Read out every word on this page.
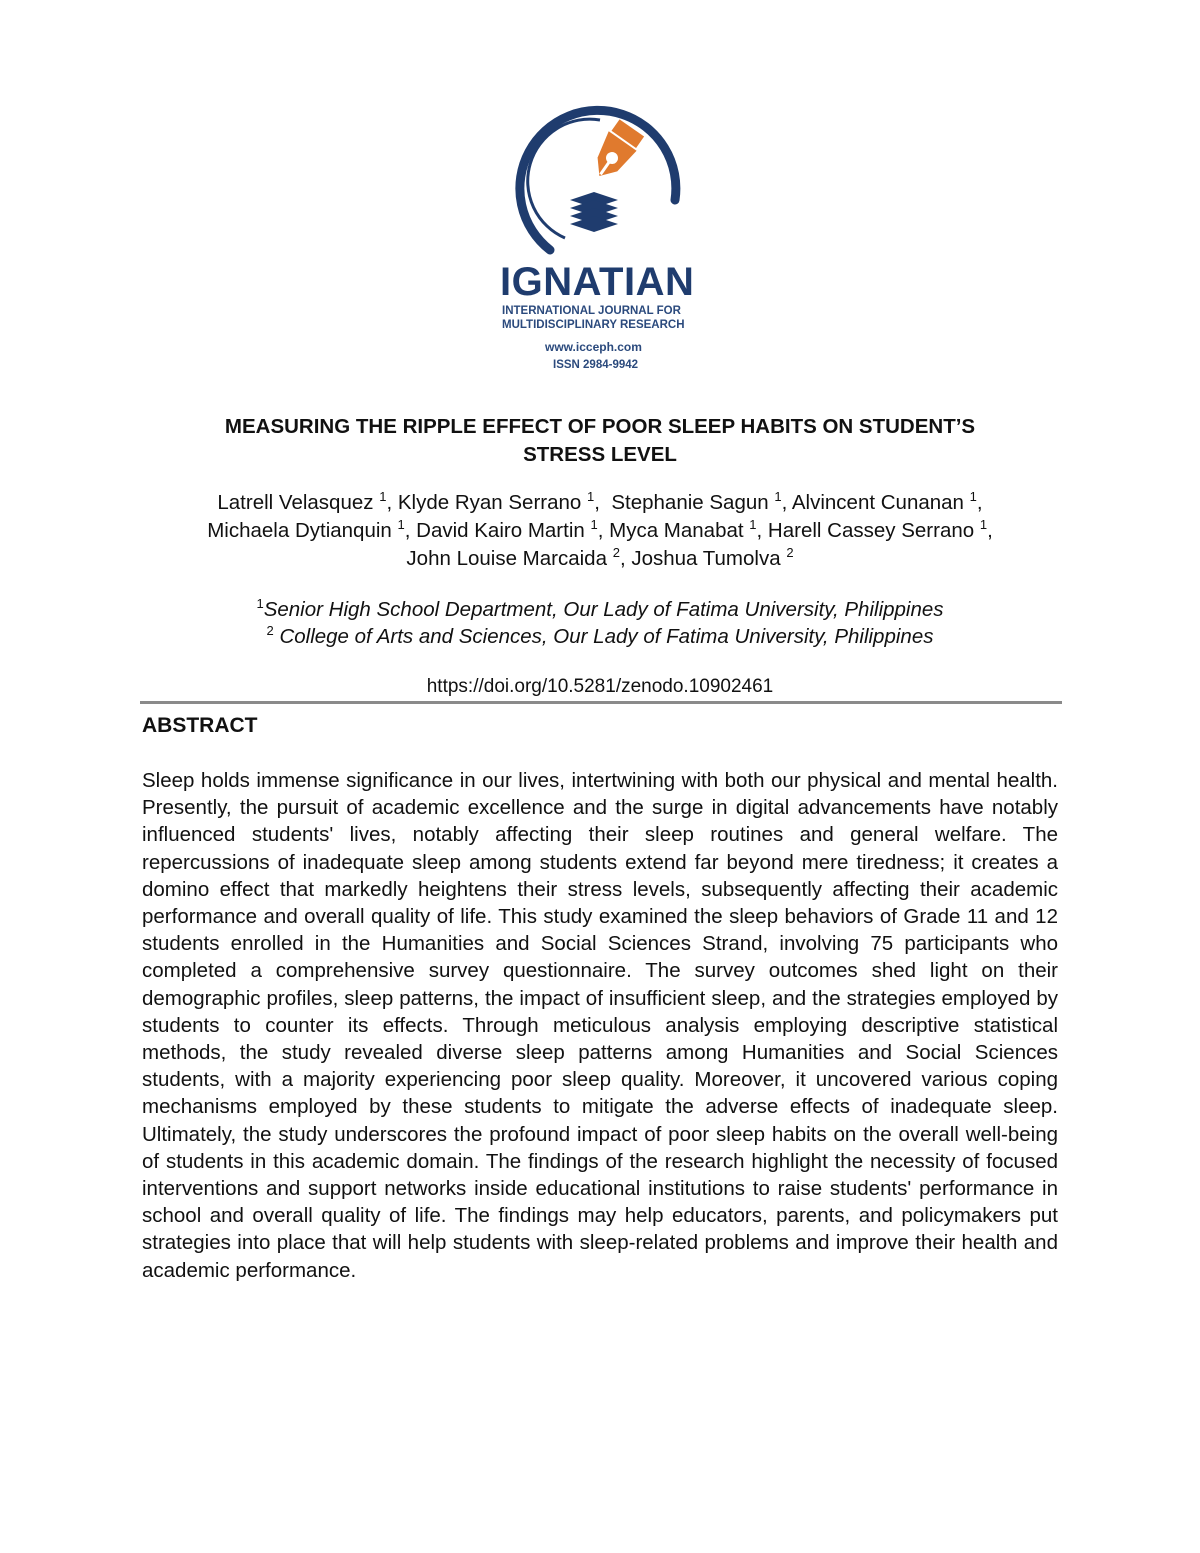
IGNATIAN
INTERNATIONAL JOURNAL FOR
MULTIDISCIPLINARY RESEARCH
www.icceph.com
ISSN 2984-9942
MEASURING THE RIPPLE EFFECT OF POOR SLEEP HABITS ON STUDENT’S
STRESS LEVEL
Latrell Velasquez $^1$, Klyde Ryan Serrano $^1$,  Stephanie Sagun $^1$, Alvincent Cunanan $^1$,
Michaela Dytianquin $^1$, David Kairo Martin $^1$, Myca Manabat $^1$, Harell Cassey Serrano $^1$,
John Louise Marcaida $^2$, Joshua Tumolva $^2$
$^1$Senior High School Department, Our Lady of Fatima University, Philippines
$^2$ College of Arts and Sciences, Our Lady of Fatima University, Philippines
https://doi.org/10.5281/zenodo.10902461
ABSTRACT
Sleep holds immense significance in our lives, intertwining with both our physical and mental health. Presently, the pursuit of academic excellence and the surge in digital advancements have notably influenced students' lives, notably affecting their sleep routines and general welfare. The repercussions of inadequate sleep among students extend far beyond mere tiredness; it creates a domino effect that markedly heightens their stress levels, subsequently affecting their academic performance and overall quality of life. This study examined the sleep behaviors of Grade 11 and 12 students enrolled in the Humanities and Social Sciences Strand, involving 75 participants who completed a comprehensive survey questionnaire. The survey outcomes shed light on their demographic profiles, sleep patterns, the impact of insufficient sleep, and the strategies employed by students to counter its effects. Through meticulous analysis employing descriptive statistical methods, the study revealed diverse sleep patterns among Humanities and Social Sciences students, with a majority experiencing poor sleep quality. Moreover, it uncovered various coping mechanisms employed by these students to mitigate the adverse effects of inadequate sleep. Ultimately, the study underscores the profound impact of poor sleep habits on the overall well-being of students in this academic domain. The findings of the research highlight the necessity of focused interventions and support networks inside educational institutions to raise students' performance in school and overall quality of life. The findings may help educators, parents, and policymakers put strategies into place that will help students with sleep-related problems and improve their health and academic performance.
